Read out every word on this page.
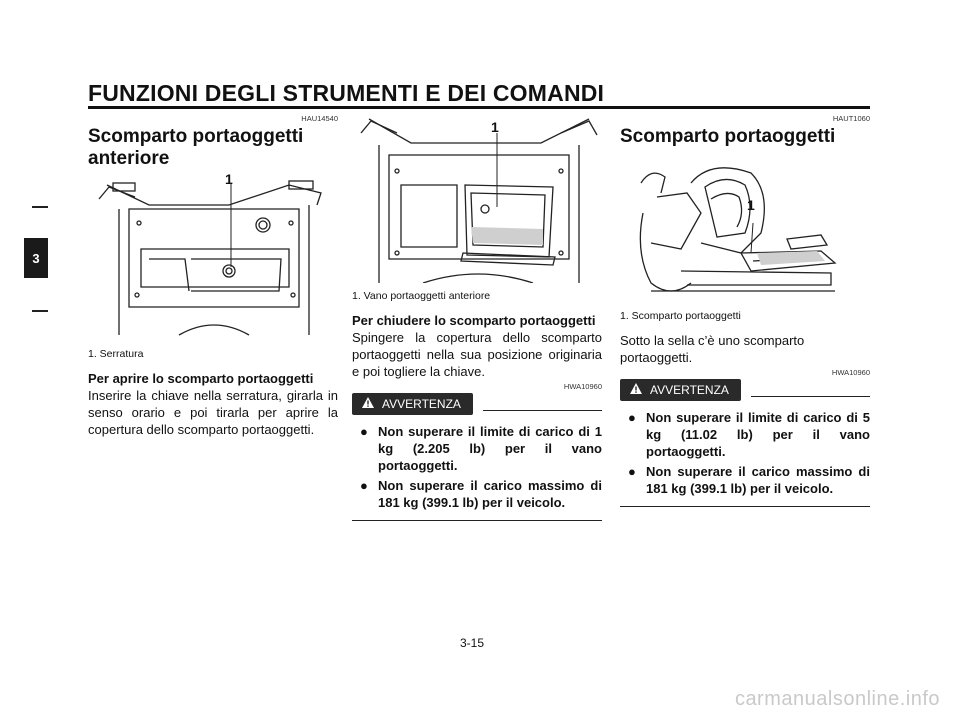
FUNZIONI DEGLI STRUMENTI E DEI COMANDI
3
HAU14540
Scomparto portaoggetti anteriore
1
1. Serratura
Per aprire lo scomparto portaoggetti
Inserire la chiave nella serratura, girarla in senso orario e poi tirarla per aprire la copertura dello scomparto portaoggetti.
1
1. Vano portaoggetti anteriore
Per chiudere lo scomparto portaoggetti
Spingere la copertura dello scomparto portaoggetti nella sua posizione originaria e poi togliere la chiave.
HWA10960
AVVERTENZA
● Non superare il limite di carico di 1 kg (2.205 lb) per il vano portaoggetti.
● Non superare il carico massimo di 181 kg (399.1 lb) per il veicolo.
HAUT1060
Scomparto portaoggetti
1
1. Scomparto portaoggetti
Sotto la sella c’è uno scomparto portaoggetti.
HWA10960
AVVERTENZA
● Non superare il limite di carico di 5 kg (11.02 lb) per il vano portaoggetti.
● Non superare il carico massimo di 181 kg (399.1 lb) per il veicolo.
3-15
carmanualsonline.info
